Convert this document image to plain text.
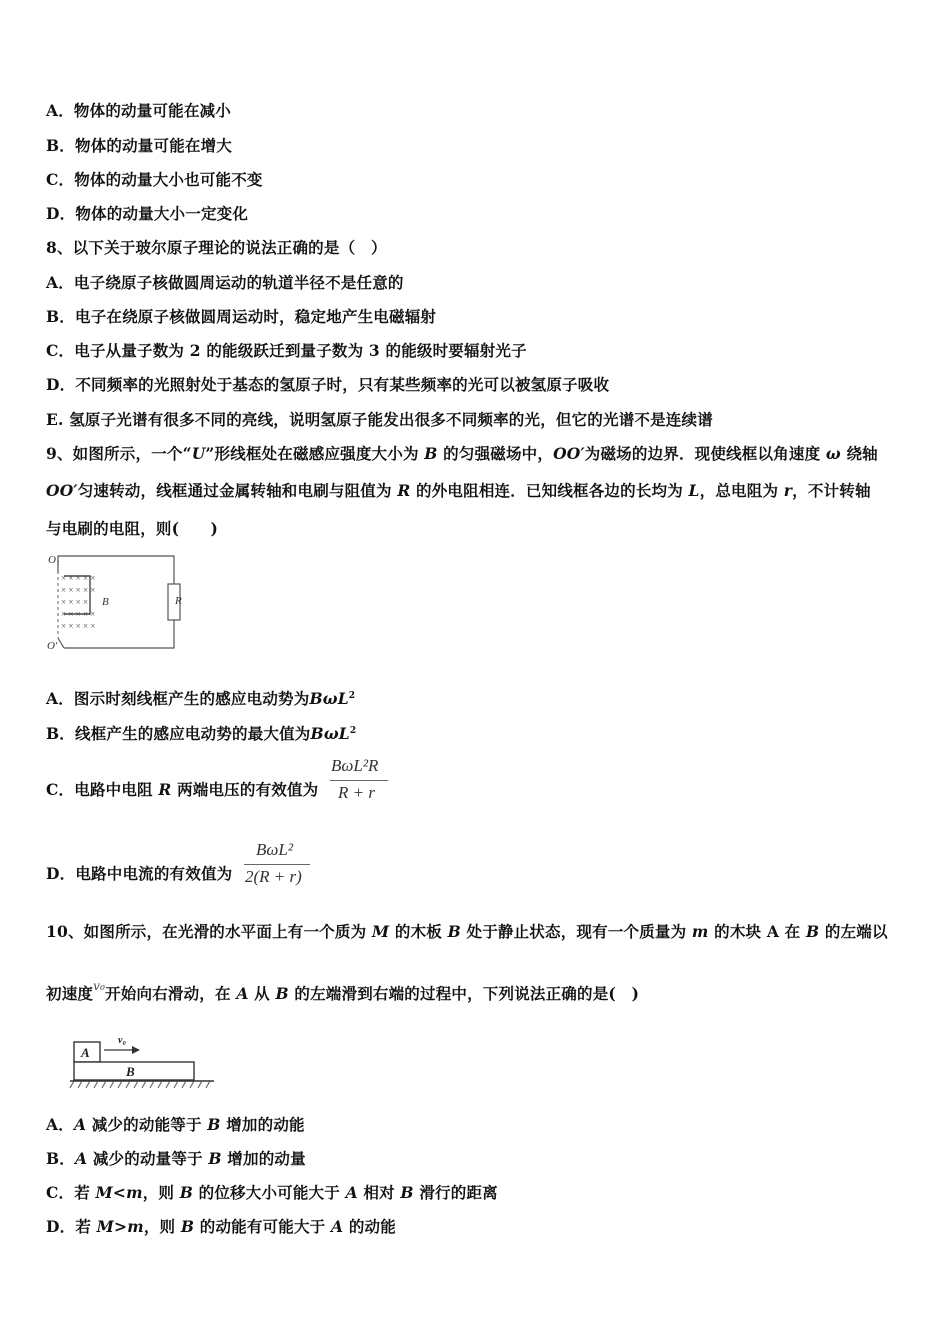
A．物体的动量可能在减小
B．物体的动量可能在增大
C．物体的动量大小也可能不变
D．物体的动量大小一定变化
8、以下关于玻尔原子理论的说法正确的是（　）
A．电子绕原子核做圆周运动的轨道半径不是任意的
B．电子在绕原子核做圆周运动时，稳定地产生电磁辐射
C．电子从量子数为 2 的能级跃迁到量子数为 3 的能级时要辐射光子
D．不同频率的光照射处于基态的氢原子时，只有某些频率的光可以被氢原子吸收
E. 氢原子光谱有很多不同的亮线，说明氢原子能发出很多不同频率的光，但它的光谱不是连续谱
9、如图所示，一个“U”形线框处在磁感应强度大小为 B 的匀强磁场中，OO′为磁场的边界．现使线框以角速度 ω 绕轴
OO′匀速转动，线框通过金属转轴和电刷与阻值为 R 的外电阻相连．已知线框各边的长均为 L，总电阻为 r，不计转轴
与电刷的电阻，则(　　)
O₁
O′
R
× × × × ×
× × × × ×
× × × ×
× × × × ×
× × × × ×
B
A．图示时刻线框产生的感应电动势为BωL$^2$
B．线框产生的感应电动势的最大值为BωL$^2$
C．电路中电阻 R 两端电压的有效值为
BωL²R
R + r
D．电路中电流的有效值为
BωL²
2(R + r)
10、如图所示，在光滑的水平面上有一个质为 M 的木板 B 处于静止状态，现有一个质量为 m 的木块 A 在 B 的左端以
初速度$^{v_0}$开始向右滑动，在 A 从 B 的左端滑到右端的过程中，下列说法正确的是(　)
A
v₀
B
A．A 减少的动能等于 B 增加的动能
B．A 减少的动量等于 B 增加的动量
C．若 M<m，则 B 的位移大小可能大于 A 相对 B 滑行的距离
D．若 M>m，则 B 的动能有可能大于 A 的动能
